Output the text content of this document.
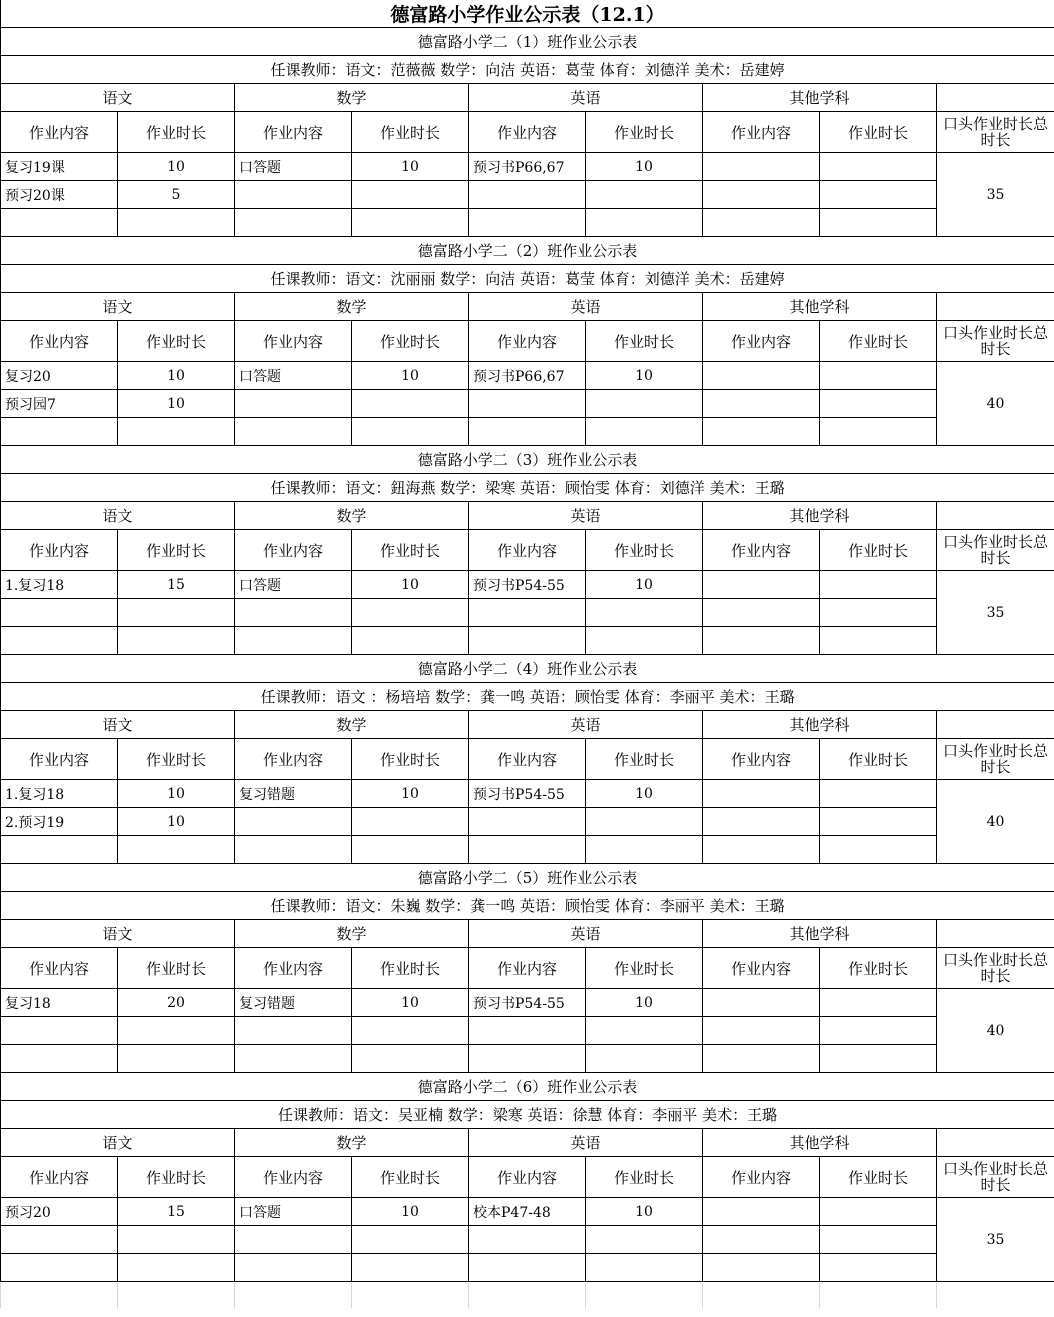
德富路小学作业公示表（12.1）								
德富路小学二（1）班作业公示表								
任课教师：语文：范薇薇 数学：向洁 英语：葛莹 体育：刘德洋 美术：岳建婷								
语文		数学		英语		其他学科		
作业内容	作业时长	作业内容	作业时长	作业内容	作业时长	作业内容	作业时长	口头作业时长总时长
复习19课	10	口答题	10	预习书P66,67	10			35
预习20课	5							

德富路小学二（2）班作业公示表								
任课教师：语文：沈丽丽 数学：向洁 英语：葛莹 体育：刘德洋 美术：岳建婷								
语文		数学		英语		其他学科		
作业内容	作业时长	作业内容	作业时长	作业内容	作业时长	作业内容	作业时长	口头作业时长总时长
复习20	10	口答题	10	预习书P66,67	10			40
预习园7	10							

德富路小学二（3）班作业公示表								
任课教师：语文：鈕海燕 数学：梁寒 英语：顾怡雯 体育：刘德洋 美术：王璐								
语文		数学		英语		其他学科		
作业内容	作业时长	作业内容	作业时长	作业内容	作业时长	作业内容	作业时长	口头作业时长总时长
1.复习18	15	口答题	10	预习书P54-55	10			35

德富路小学二（4）班作业公示表								
任课教师：语文 ：杨培培 数学：龚一鸣 英语：顾怡雯 体育：李丽平 美术：王璐								
语文		数学		英语		其他学科		
作业内容	作业时长	作业内容	作业时长	作业内容	作业时长	作业内容	作业时长	口头作业时长总时长
1.复习18	10	复习错题	10	预习书P54-55	10			40
2.预习19	10							

德富路小学二（5）班作业公示表								
任课教师：语文：朱巍 数学：龚一鸣 英语：顾怡雯 体育：李丽平 美术：王璐								
语文		数学		英语		其他学科		
作业内容	作业时长	作业内容	作业时长	作业内容	作业时长	作业内容	作业时长	口头作业时长总时长
复习18	20	复习错题	10	预习书P54-55	10			40

德富路小学二（6）班作业公示表								
任课教师：语文：吴亚楠 数学：梁寒 英语：徐慧 体育：李丽平 美术：王璐								
语文		数学		英语		其他学科		
作业内容	作业时长	作业内容	作业时长	作业内容	作业时长	作业内容	作业时长	口头作业时长总时长
预习20	15	口答题	10	校本P47-48	10			35
